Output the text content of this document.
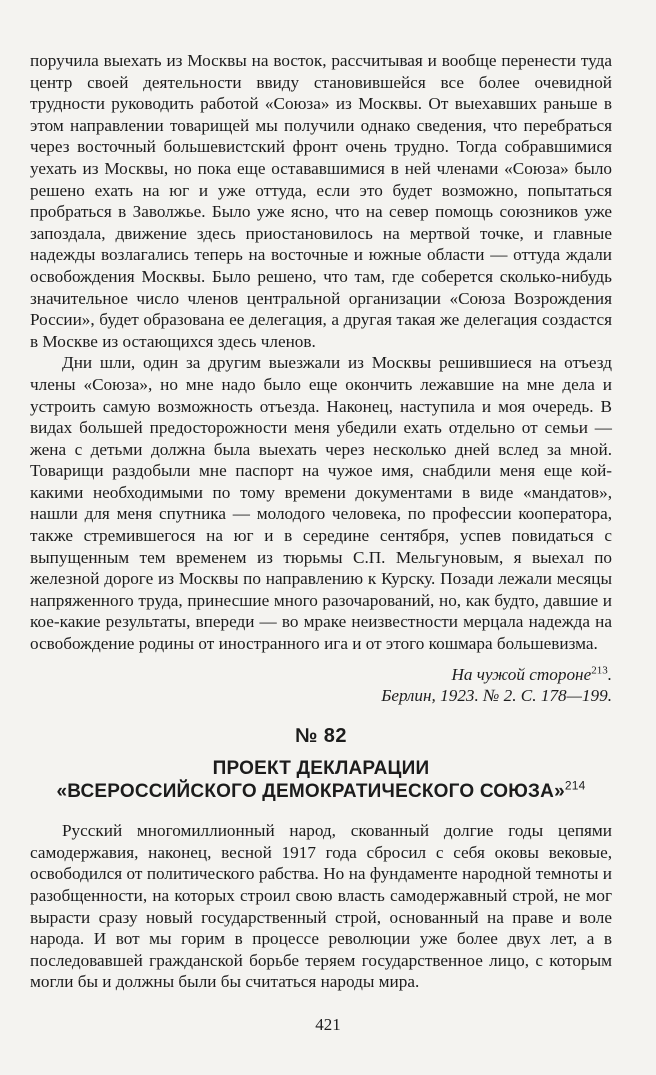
поручила выехать из Москвы на восток, рассчитывая и вообще перенести туда центр своей деятельности ввиду становившейся все более очевидной трудности руководить работой «Союза» из Москвы. От выехавших раньше в этом направлении товарищей мы получили однако сведения, что перебраться через восточный большевистский фронт очень трудно. Тогда собравшимися уехать из Москвы, но пока еще остававшимися в ней членами «Союза» было решено ехать на юг и уже оттуда, если это будет возможно, попытаться пробраться в Заволжье. Было уже ясно, что на север помощь союзников уже запоздала, движение здесь приостановилось на мертвой точке, и главные надежды возлагались теперь на восточные и южные области — оттуда ждали освобождения Москвы. Было решено, что там, где соберется сколько-нибудь значительное число членов центральной организации «Союза Возрождения России», будет образована ее делегация, а другая такая же делегация создастся в Москве из остающихся здесь членов.

Дни шли, один за другим выезжали из Москвы решившиеся на отъезд члены «Союза», но мне надо было еще окончить лежавшие на мне дела и устроить самую возможность отъезда. Наконец, наступила и моя очередь. В видах большей предосторожности меня убедили ехать отдельно от семьи — жена с детьми должна была выехать через несколько дней вслед за мной. Товарищи раздобыли мне паспорт на чужое имя, снабдили меня еще кой-какими необходимыми по тому времени документами в виде «мандатов», нашли для меня спутника — молодого человека, по профессии кооператора, также стремившегося на юг и в середине сентября, успев повидаться с выпущенным тем временем из тюрьмы С.П. Мельгуновым, я выехал по железной дороге из Москвы по направлению к Курску. Позади лежали месяцы напряженного труда, принесшие много разочарований, но, как будто, давшие и кое-какие результаты, впереди — во мраке неизвестности мерцала надежда на освобождение родины от иностранного ига и от этого кошмара большевизма.

На чужой стороне$^{213}$.
Берлин, 1923. № 2. С. 178—199.
№ 82
ПРОЕКТ ДЕКЛАРАЦИИ
«ВСЕРОССИЙСКОГО ДЕМОКРАТИЧЕСКОГО СОЮЗА»$^{214}$

Русский многомиллионный народ, скованный долгие годы цепями самодержавия, наконец, весной 1917 года сбросил с себя оковы вековые, освободился от политического рабства. Но на фундаменте народной темноты и разобщенности, на которых строил свою власть самодержавный строй, не мог вырасти сразу новый государственный строй, основанный на праве и воле народа. И вот мы горим в процессе революции уже более двух лет, а в последовавшей гражданской борьбе теряем государственное лицо, с которым могли бы и должны были бы считаться народы мира.

421
